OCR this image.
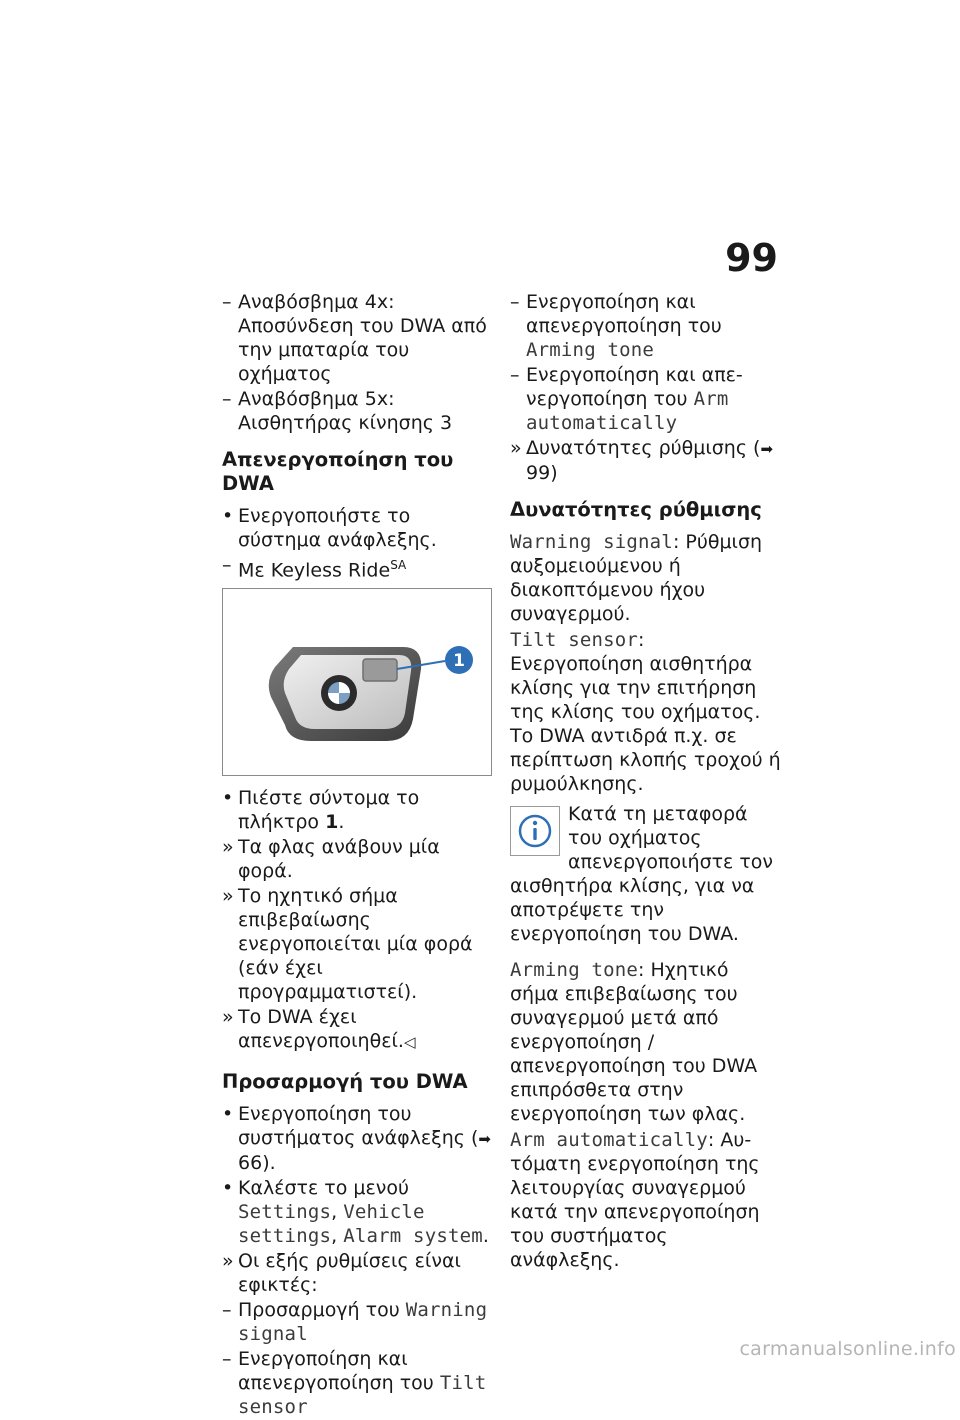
99
– Αναβόσβημα 4x: Αποσύνδεση του DWA από την μπαταρία του οχήματος
– Αναβόσβημα 5x: Αισθητήρας κίνησης 3
Απενεργοποίηση του DWA
• Ενεργοποιήστε το σύστημα ανάφλεξης.
– Με Keyless Ride$^{SA}$
1
• Πιέστε σύντομα το πλήκτρο 1.
» Τα φλας ανάβουν μία φορά.
» Το ηχητικό σήμα επιβεβαίωσης ενεργοποιείται μία φορά (εάν έχει προγραμματιστεί).
» Το DWA έχει απενεργοποιηθεί.◁
Προσαρμογή του DWA
• Ενεργοποίηση του συστήματος ανάφλεξης (➡ 66).
• Καλέστε το μενού Settings, Vehicle settings, Alarm system.
» Οι εξής ρυθμίσεις είναι εφικτές:
– Προσαρμογή του Warning signal
– Ενεργοποίηση και απενεργοποίηση του Tilt sensor
– Ενεργοποίηση και απενεργοποίηση του Arming tone
– Ενεργοποίηση και απενεργοποίηση του Arm automatically
» Δυνατότητες ρύθμισης (➡ 99)
Δυνατότητες ρύθμισης
Warning signal: Ρύθμιση αυξομειούμενου ή διακοπτόμενου ήχου συναγερμού.
Tilt sensor: Ενεργοποίηση αισθητήρα κλίσης για την επιτήρηση της κλίσης του οχήματος. Το DWA αντιδρά π.χ. σε περίπτωση κλοπής τροχού ή ρυμούλκησης.
Κατά τη μεταφορά του οχήματος απενεργοποιήστε τον αισθητήρα κλίσης, για να αποτρέψετε την ενεργοποίηση του DWA.
Arming tone: Ηχητικό σήμα επιβεβαίωσης του συναγερμού μετά από ενεργοποίηση / απενεργοποίηση του DWA επιπρόσθετα στην ενεργοποίηση των φλας.
Arm automatically: Αυτόματη ενεργοποίηση της λειτουργίας συναγερμού κατά την απενεργοποίηση του συστήματος ανάφλεξης.
carmanualsonline.info
